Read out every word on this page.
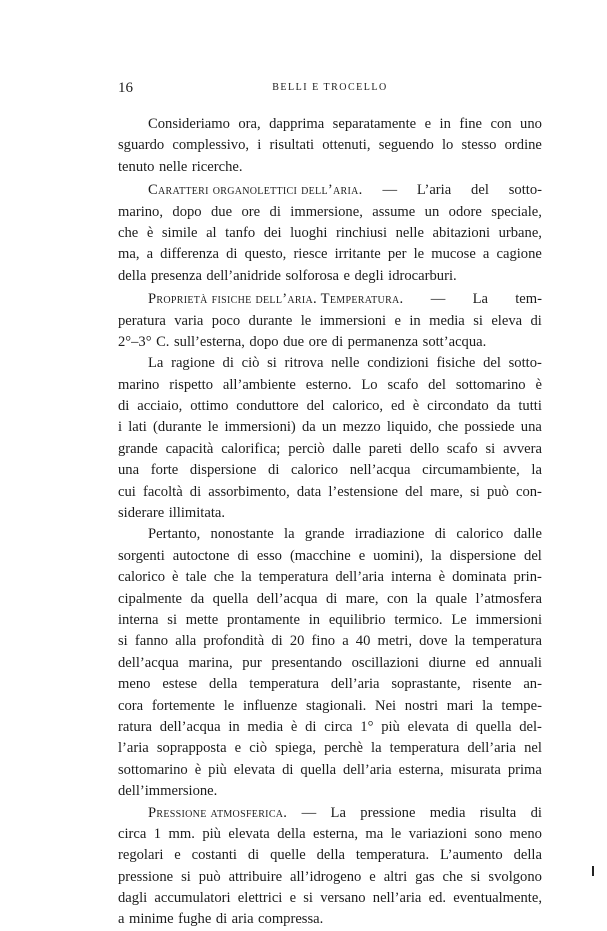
16	BELLI E TROCELLO
Consideriamo ora, dapprima separatamente e in fine con uno
sguardo complessivo, i risultati ottenuti, seguendo lo stesso ordine
tenuto nelle ricerche.
Caratteri organolettici dell’aria. — L’aria del sotto-
marino, dopo due ore di immersione, assume un odore speciale,
che è simile al tanfo dei luoghi rinchiusi nelle abitazioni urbane,
ma, a differenza di questo, riesce irritante per le mucose a cagione
della presenza dell’anidride solforosa e degli idrocarburi.
Proprietà fisiche dell’aria. Temperatura. — La tem-
peratura varia poco durante le immersioni e in media si eleva di
2°–3° C. sull’esterna, dopo due ore di permanenza sott’acqua.
La ragione di ciò si ritrova nelle condizioni fisiche del sotto-
marino rispetto all’ambiente esterno. Lo scafo del sottomarino è
di acciaio, ottimo conduttore del calorico, ed è circondato da tutti
i lati (durante le immersioni) da un mezzo liquido, che possiede una
grande capacità calorifica; perciò dalle pareti dello scafo si avvera
una forte dispersione di calorico nell’acqua circumambiente, la
cui facoltà di assorbimento, data l’estensione del mare, si può con-
siderare illimitata.
Pertanto, nonostante la grande irradiazione di calorico dalle
sorgenti autoctone di esso (macchine e uomini), la dispersione del
calorico è tale che la temperatura dell’aria interna è dominata prin-
cipalmente da quella dell’acqua di mare, con la quale l’atmosfera
interna si mette prontamente in equilibrio termico. Le immersioni
si fanno alla profondità di 20 fino a 40 metri, dove la temperatura
dell’acqua marina, pur presentando oscillazioni diurne ed annuali
meno estese della temperatura dell’aria soprastante, risente an-
cora fortemente le influenze stagionali. Nei nostri mari la tempe-
ratura dell’acqua in media è di circa 1° più elevata di quella del-
l’aria soprapposta e ciò spiega, perchè la temperatura dell’aria nel
sottomarino è più elevata di quella dell’aria esterna, misurata prima
dell’immersione.
Pressione atmosferica. — La pressione media risulta di
circa 1 mm. più elevata della esterna, ma le variazioni sono meno
regolari e costanti di quelle della temperatura. L’aumento della
pressione si può attribuire all’idrogeno e altri gas che si svolgono
dagli accumulatori elettrici e si versano nell’aria ed. eventualmente,
a minime fughe di aria compressa.
